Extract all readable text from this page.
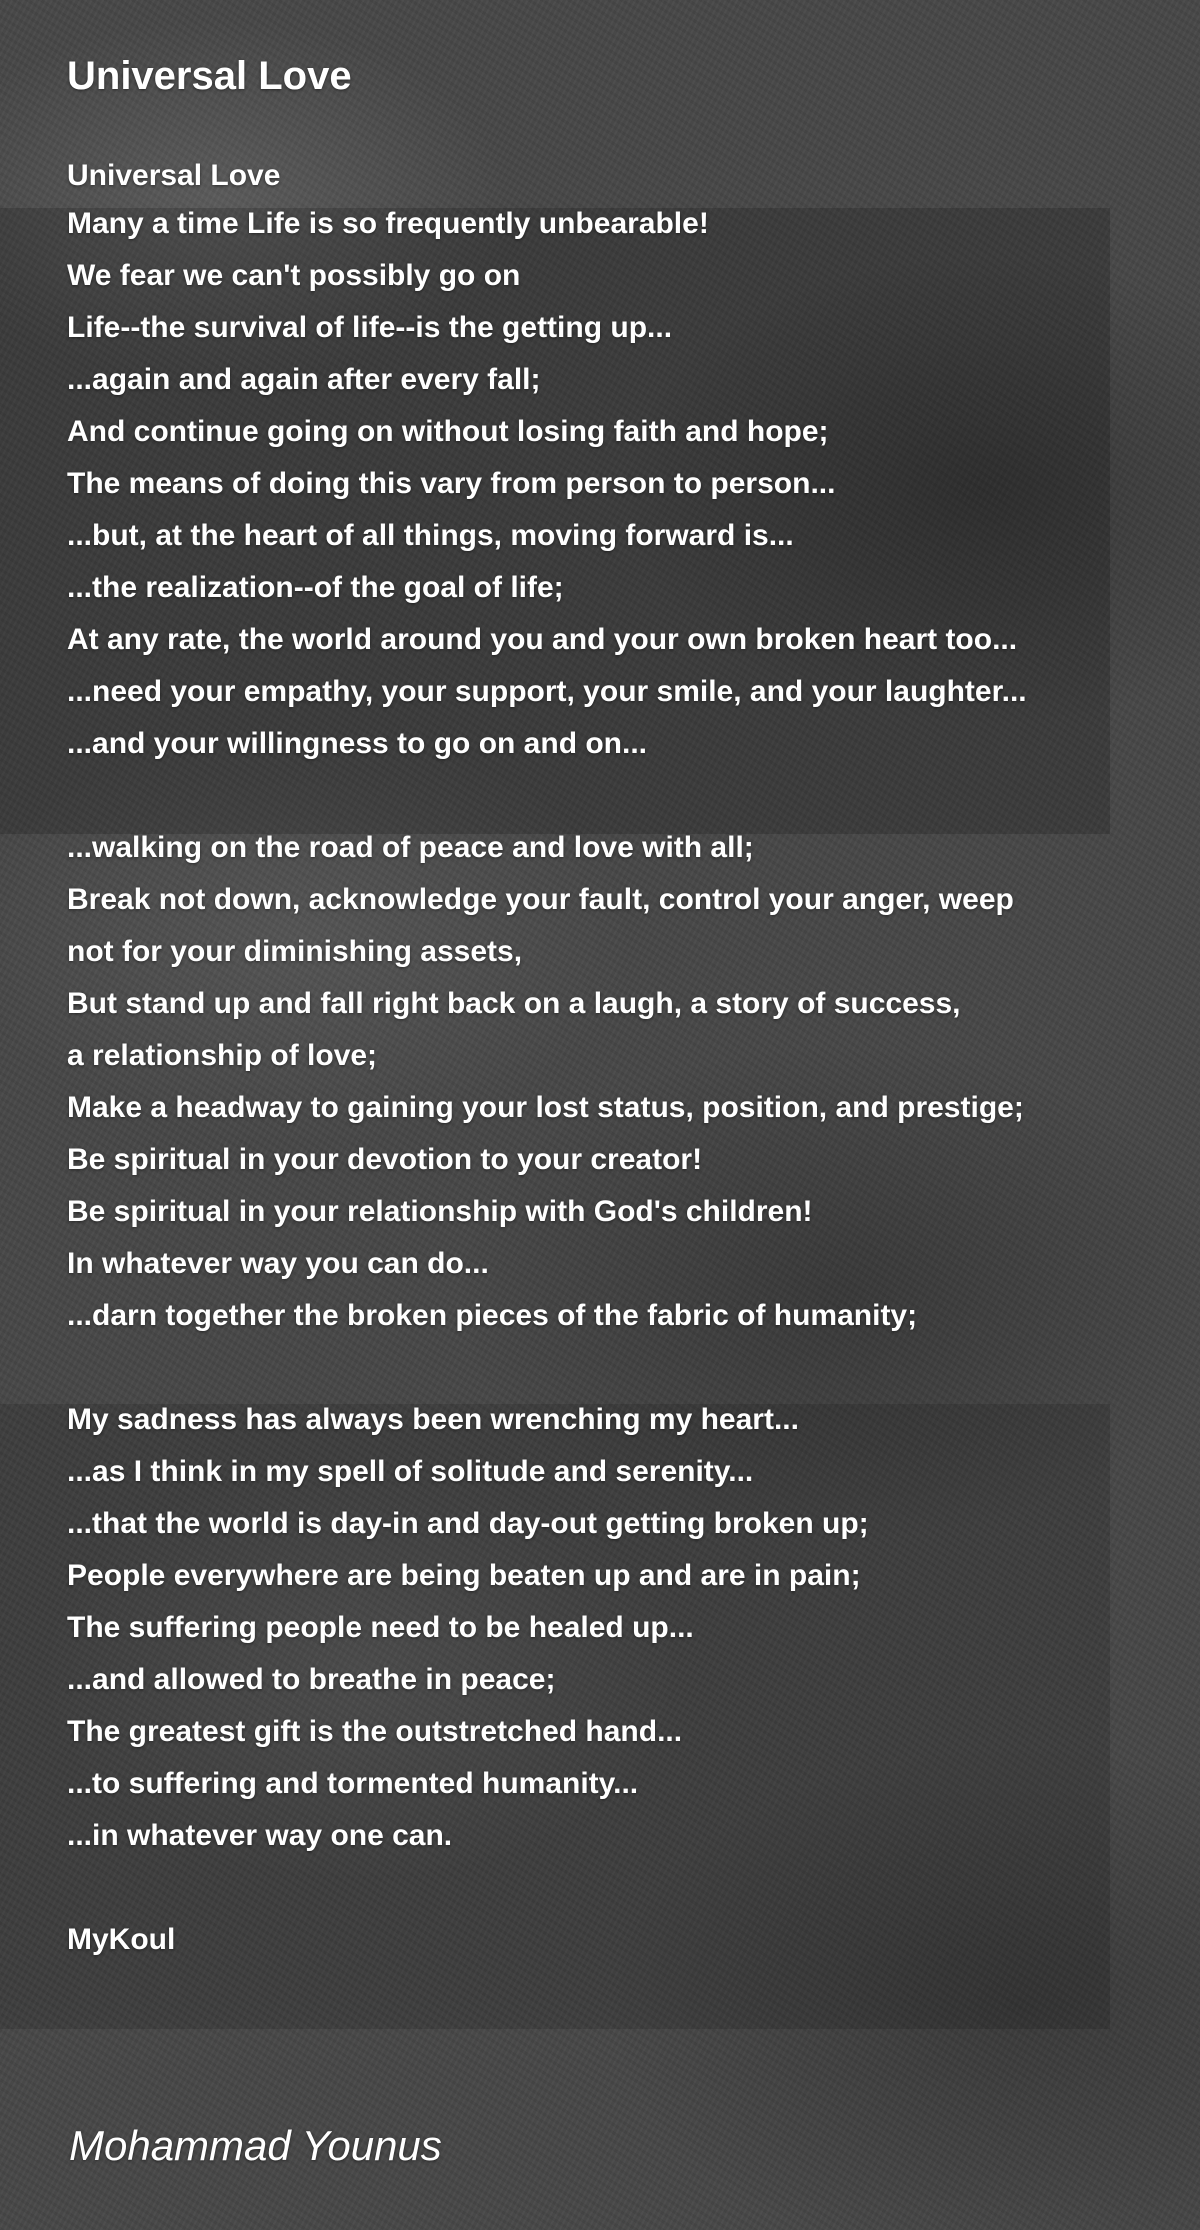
Universal Love
Universal Love
Many a time Life is so frequently unbearable!
We fear we can't possibly go on
Life--the survival of life--is the getting up...
...again and again after every fall;
And continue going on without losing faith and hope;
The means of doing this vary from person to person...
...but, at the heart of all things, moving forward is...
...the realization--of the goal of life;
At any rate, the world around you and your own broken heart too...
...need your empathy, your support, your smile, and your laughter...
...and your willingness to go on and on...
...walking on the road of peace and love with all;
Break not down, acknowledge your fault, control your anger, weep
not for your diminishing assets,
But stand up and fall right back on a laugh, a story of success,
a relationship of love;
Make a headway to gaining your lost status, position, and prestige;
Be spiritual in your devotion to your creator!
Be spiritual in your relationship with God's children!
In whatever way you can do...
...darn together the broken pieces of the fabric of humanity;
My sadness has always been wrenching my heart...
...as I think in my spell of solitude and serenity...
...that the world is day-in and day-out getting broken up;
People everywhere are being beaten up and are in pain;
The suffering people need to be healed up...
...and allowed to breathe in peace;
The greatest gift is the outstretched hand...
...to suffering and tormented humanity...
...in whatever way one can.
MyKoul
Mohammad Younus
